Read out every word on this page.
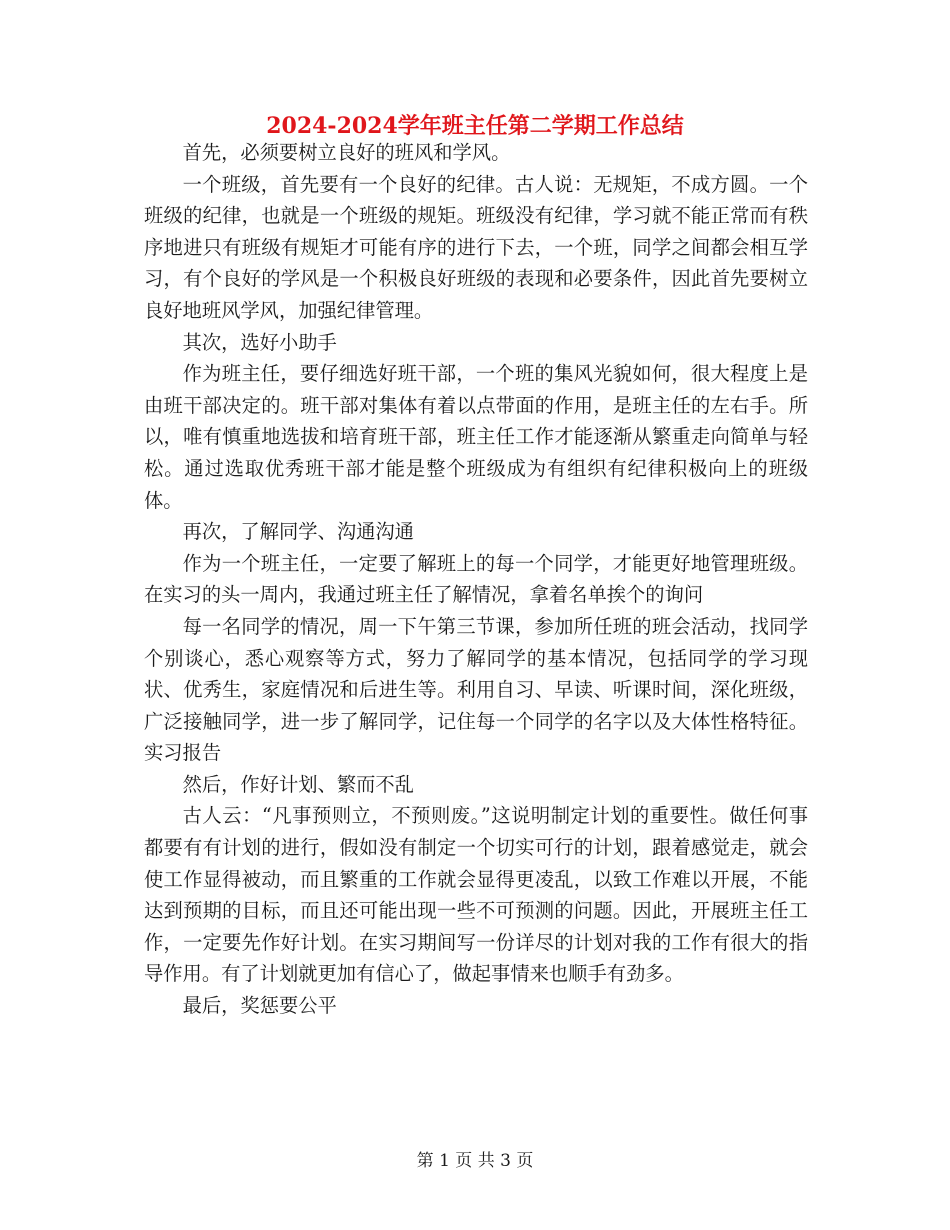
2024-2024学年班主任第二学期工作总结

首先，必须要树立良好的班风和学风。

一个班级，首先要有一个良好的纪律。古人说：无规矩，不成方圆。一个班级的纪律，也就是一个班级的规矩。班级没有纪律，学习就不能正常而有秩序地进只有班级有规矩才可能有序的进行下去，一个班，同学之间都会相互学习，有个良好的学风是一个积极良好班级的表现和必要条件，因此首先要树立良好地班风学风，加强纪律管理。

其次，选好小助手

作为班主任，要仔细选好班干部，一个班的集风光貌如何，很大程度上是由班干部决定的。班干部对集体有着以点带面的作用，是班主任的左右手。所以，唯有慎重地选拔和培育班干部，班主任工作才能逐渐从繁重走向简单与轻松。通过选取优秀班干部才能是整个班级成为有组织有纪律积极向上的班级体。

再次，了解同学、沟通沟通

作为一个班主任，一定要了解班上的每一个同学，才能更好地管理班级。在实习的头一周内，我通过班主任了解情况，拿着名单挨个的询问

每一名同学的情况，周一下午第三节课，参加所任班的班会活动，找同学个别谈心，悉心观察等方式，努力了解同学的基本情况，包括同学的学习现状、优秀生，家庭情况和后进生等。利用自习、早读、听课时间，深化班级，广泛接触同学，进一步了解同学，记住每一个同学的名字以及大体性格特征。实习报告

然后，作好计划、繁而不乱

古人云：“凡事预则立，不预则废。”这说明制定计划的重要性。做任何事都要有有计划的进行，假如没有制定一个切实可行的计划，跟着感觉走，就会使工作显得被动，而且繁重的工作就会显得更凌乱，以致工作难以开展，不能达到预期的目标，而且还可能出现一些不可预测的问题。因此，开展班主任工作，一定要先作好计划。在实习期间写一份详尽的计划对我的工作有很大的指导作用。有了计划就更加有信心了，做起事情来也顺手有劲多。

最后，奖惩要公平

第 1 页 共 3 页
